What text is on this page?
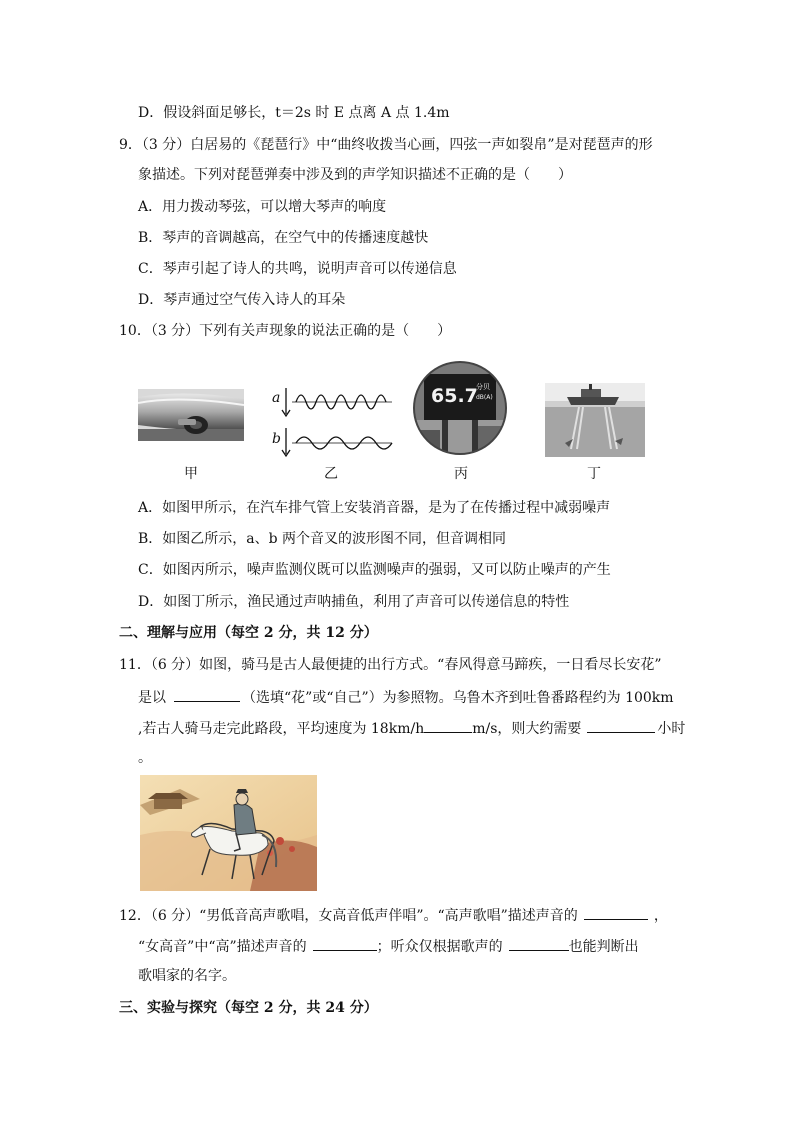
D．假设斜面足够长，t＝2s 时 E 点离 A 点 1.4m
9．（3 分）白居易的《琵琶行》中“曲终收拨当心画，四弦一声如裂帛”是对琵琶声的形
象描述。下列对琵琶弹奏中涉及到的声学知识描述不正确的是（　　）
A．用力拨动琴弦，可以增大琴声的响度
B．琴声的音调越高，在空气中的传播速度越快
C．琴声引起了诗人的共鸣，说明声音可以传递信息
D．琴声通过空气传入诗人的耳朵
10．（3 分）下列有关声现象的说法正确的是（　　）
a
b
65.7
分贝
dB(A)
甲	乙	丙	丁
A．如图甲所示，在汽车排气管上安装消音器，是为了在传播过程中减弱噪声
B．如图乙所示，a、b 两个音叉的波形图不同，但音调相同
C．如图丙所示，噪声监测仪既可以监测噪声的强弱，又可以防止噪声的产生
D．如图丁所示，渔民通过声呐捕鱼，利用了声音可以传递信息的特性
二、理解与应用（每空 2 分，共 12 分）
11．（6 分）如图，骑马是古人最便捷的出行方式。“春风得意马蹄疾，一日看尽长安花”
是以	（选填“花”或“自己”）为参照物。乌鲁木齐到吐鲁番路程约为 100km
,若古人骑马走完此路段，平均速度为 18km/h	m/s，则大约需要	小时
。
12．（6 分）“男低音高声歌唱，女高音低声伴唱”。“高声歌唱”描述声音的	，
“女高音”中“高”描述声音的	；听众仅根据歌声的	也能判断出
歌唱家的名字。
三、实验与探究（每空 2 分，共 24 分）
